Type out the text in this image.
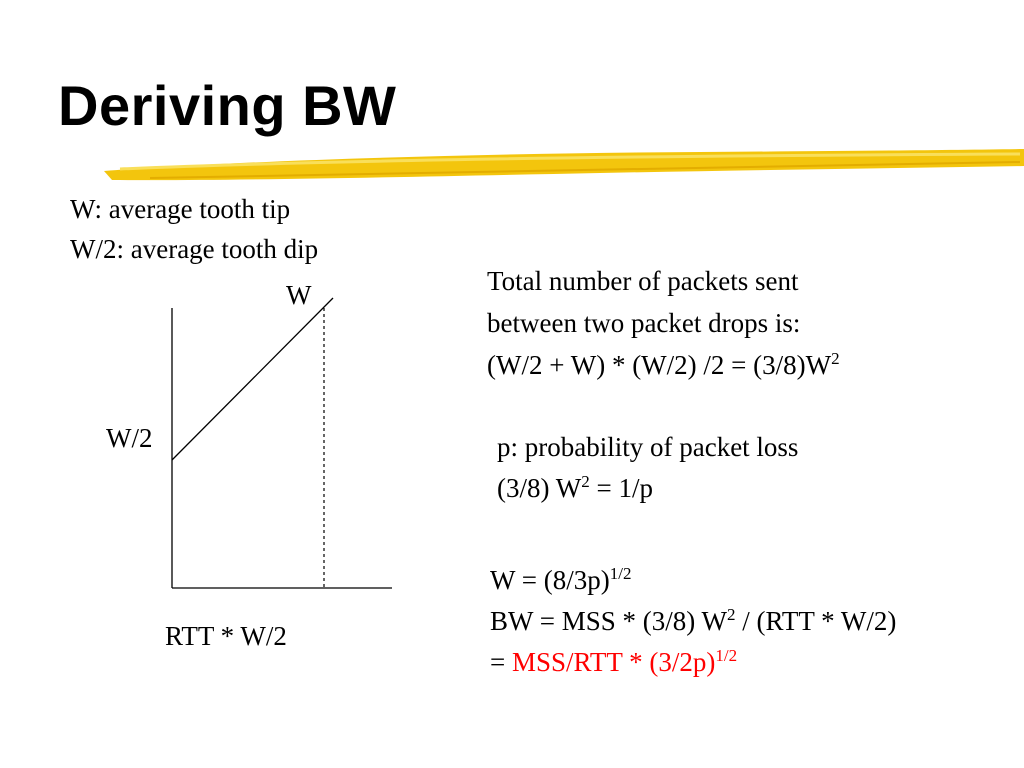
Deriving BW
W: average tooth tip
W/2: average tooth dip
W
W/2
RTT * W/2
Total number of packets sent
between two packet drops is:
(W/2 + W) * (W/2) $/2 = (3/8)W^2$
p: probability of packet loss
(3/8) $W^2 = 1/p$
$W = (8/3p)^{1/2}$
BW = MSS * (3/8) $W^2 / (RTT * W/2)$
= $MSS/RTT * (3/2p)^{1/2}$
